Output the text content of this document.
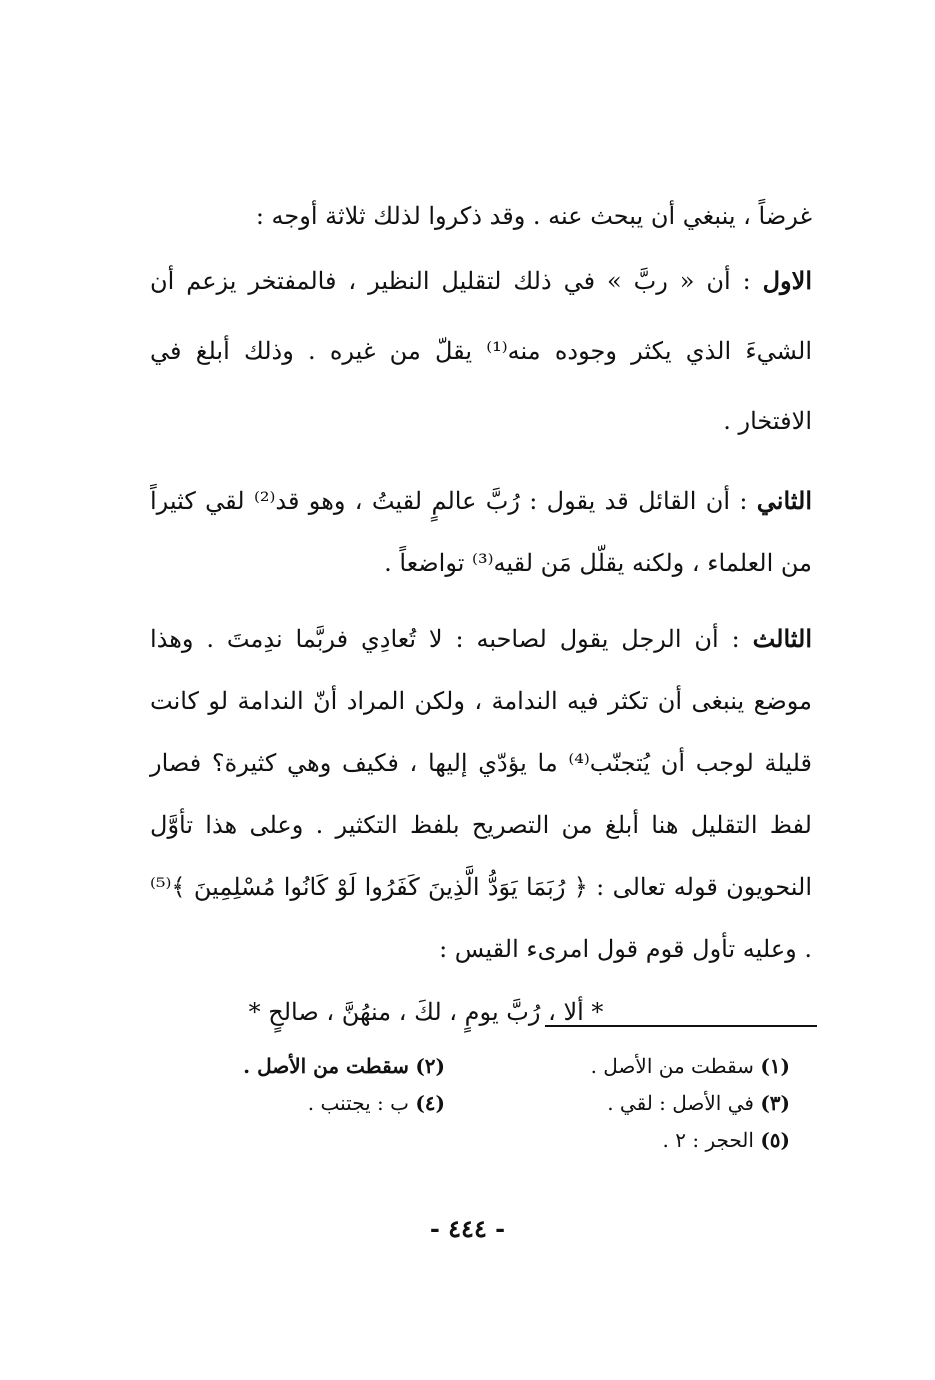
غرضاً ، ينبغي أن يبحث عنه . وقد ذكروا لذلك ثلاثة أوجه :

الاول : أن « ربَّ » في ذلك لتقليل النظير ، فالمفتخر يزعم أن الشيءَ الذي يكثر وجوده منه⁽¹⁾ يقلّ من غيره . وذلك أبلغ في الافتخار .

الثاني : أن القائل قد يقول : رُبَّ عالمٍ لقيتُ ، وهو قد⁽²⁾ لقي كثيراً من العلماء ، ولكنه يقلّل مَن لقيه⁽³⁾ تواضعاً .

الثالث : أن الرجل يقول لصاحبه : لا تُعادِي فربَّما ندِمتَ . وهذا موضع ينبغى أن تكثر فيه الندامة ، ولكن المراد أنّ الندامة لو كانت قليلة لوجب أن يُتجنّب⁽⁴⁾ ما يؤدّي إليها ، فكيف وهي كثيرة؟ فصار لفظ التقليل هنا أبلغ من التصريح بلفظ التكثير . وعلى هذا تأوَّل النحويون قوله تعالى : ﴿ رُبَمَا يَوَدُّ الَّذِينَ كَفَرُوا لَوْ كَانُوا مُسْلِمِينَ ﴾⁽⁵⁾ . وعليه تأول قوم قول امرىء القيس :

* ألا ، رُبَّ يومٍ ، لكَ ، منهُنَّ ، صالحٍ *

(١) سقطت من الأصل .
(٢) سقطت من الأصل .
(٣) في الأصل : لقي .
(٤) ب : يجتنب .
(٥) الحجر : ٢ .
- ٤٤٤ -
